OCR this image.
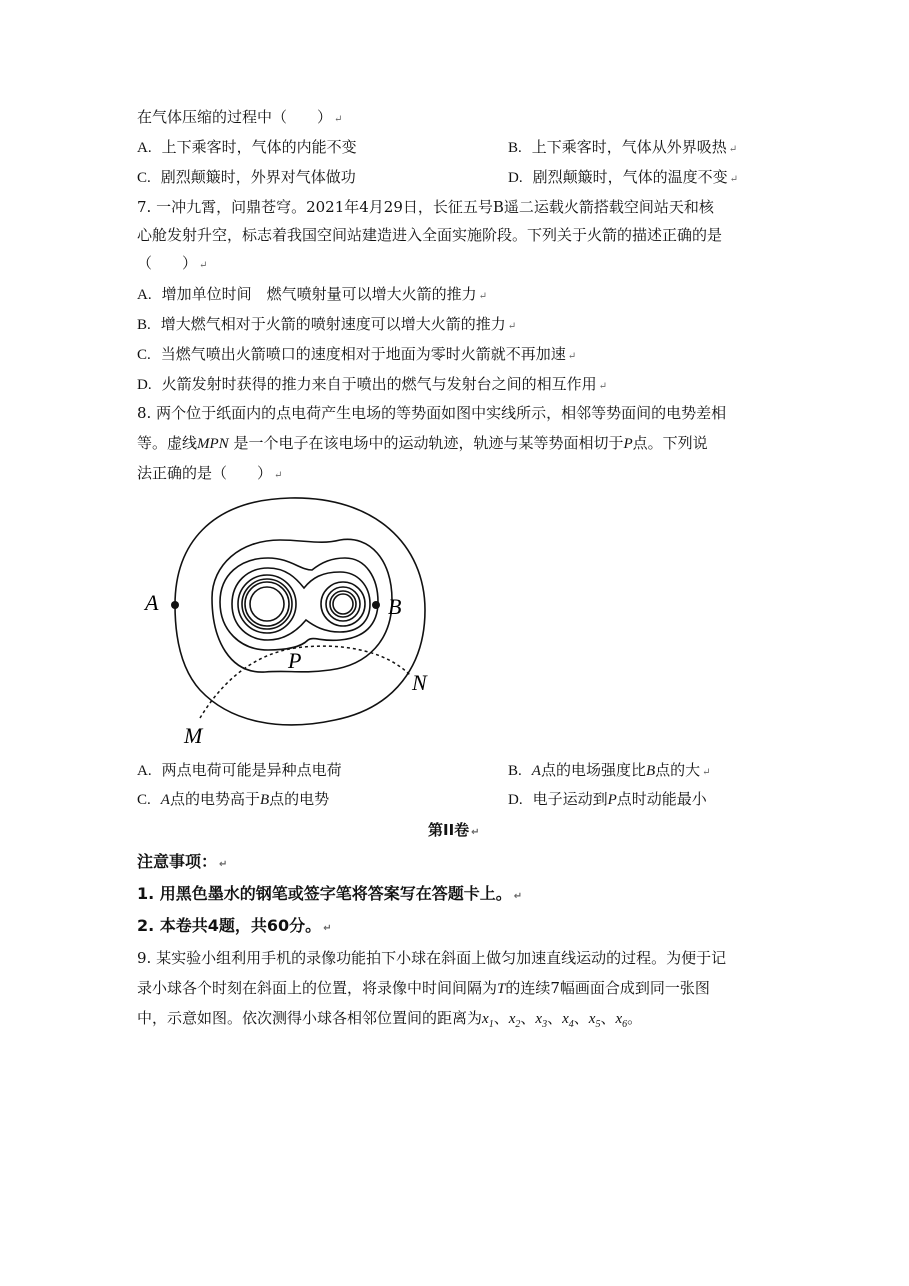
在气体压缩的过程中（　　） ↵
A. 上下乘客时，气体的内能不变	B. 上下乘客时，气体从外界吸热 ↵
C. 剧烈颠簸时，外界对气体做功	D. 剧烈颠簸时，气体的温度不变 ↵
7. 一冲九霄，问鼎苍穹。2021年4月29日，长征五号B遥二运载火箭搭载空间站天和核
心舱发射升空，标志着我国空间站建造进入全面实施阶段。下列关于火箭的描述正确的是
（　　） ↵
A. 增加单位时间　燃气喷射量可以增大火箭的推力 ↵
B. 增大燃气相对于火箭的喷射速度可以增大火箭的推力 ↵
C. 当燃气喷出火箭喷口的速度相对于地面为零时火箭就不再加速 ↵
D. 火箭发射时获得的推力来自于喷出的燃气与发射台之间的相互作用 ↵
8. 两个位于纸面内的点电荷产生电场的等势面如图中实线所示，相邻等势面间的电势差相
等。虚线MPN 是一个电子在该电场中的运动轨迹，轨迹与某等势面相切于P点。下列说
法正确的是（　　） ↵
A	B
P
N
M
A. 两点电荷可能是异种点电荷	B. A点的电场强度比B点的大 ↵
C. A点的电势高于B点的电势	D. 电子运动到P点时动能最小
第II卷 ↵
注意事项： ↵
1. 用黑色墨水的钢笔或签字笔将答案写在答题卡上。 ↵
2. 本卷共4题，共60分。 ↵
9. 某实验小组利用手机的录像功能拍下小球在斜面上做匀加速直线运动的过程。为便于记
录小球各个时刻在斜面上的位置，将录像中时间间隔为T的连续7幅画面合成到同一张图
中，示意如图。依次测得小球各相邻位置间的距离为$x_1$、$x_2$、$x_3$、$x_4$、$x_5$、$x_6$。
